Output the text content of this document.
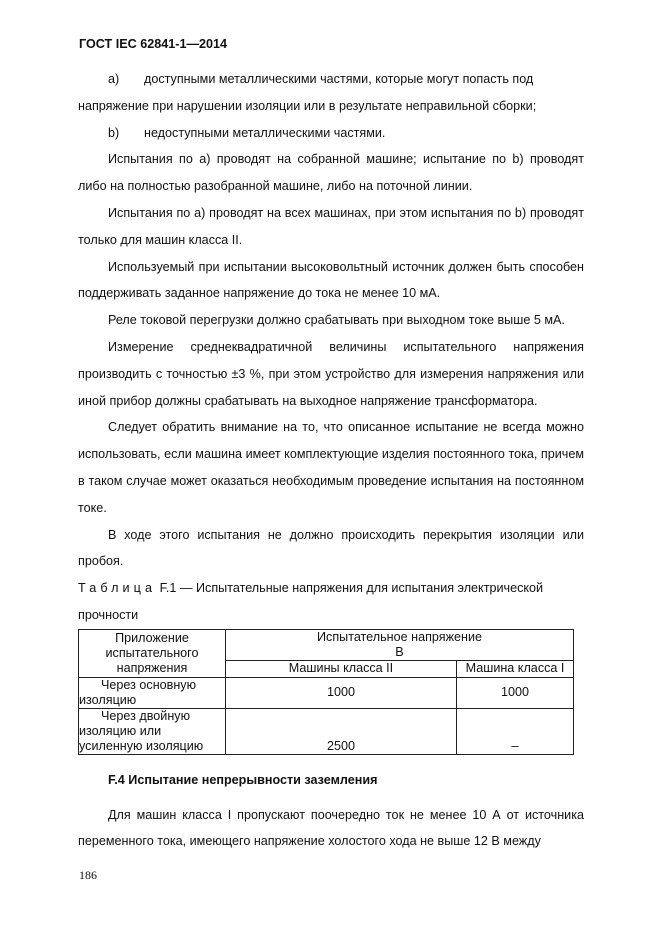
ГОСТ IEC 62841-1—2014
a) доступными металлическими частями, которые могут попасть под

напряжение при нарушении изоляции или в результате неправильной сборки;

b) недоступными металлическими частями.

Испытания по a) проводят на собранной машине; испытание по b) проводят либо на полностью разобранной машине, либо на поточной линии.

Испытания по a) проводят на всех машинах, при этом испытания по b) проводят только для машин класса II.

Используемый при испытании высоковольтный источник должен быть способен поддерживать заданное напряжение до тока не менее 10 мА.

Реле токовой перегрузки должно срабатывать при выходном токе выше 5 мА.

Измерение среднеквадратичной величины испытательного напряжения производить с точностью ±3 %, при этом устройство для измерения напряжения или иной прибор должны срабатывать на выходное напряжение трансформатора.

Следует обратить внимание на то, что описанное испытание не всегда можно использовать, если машина имеет комплектующие изделия постоянного тока, причем в таком случае может оказаться необходимым проведение испытания на постоянном токе.

В ходе этого испытания не должно происходить перекрытия изоляции или пробоя.

Таблица F.1 — Испытательные напряжения для испытания электрической

прочности

Приложение испытательного напряжения	Испытательное напряжение
В	
	Машины класса II	Машина класса I

Через основную
изоляцию	1000	1000

Через двойную
изоляцию или
усиленную изоляцию	2500	–

F.4 Испытание непрерывности заземления

Для машин класса I пропускают поочередно ток не менее 10 А от источника переменного тока, имеющего напряжение холостого хода не выше 12 В между

186
